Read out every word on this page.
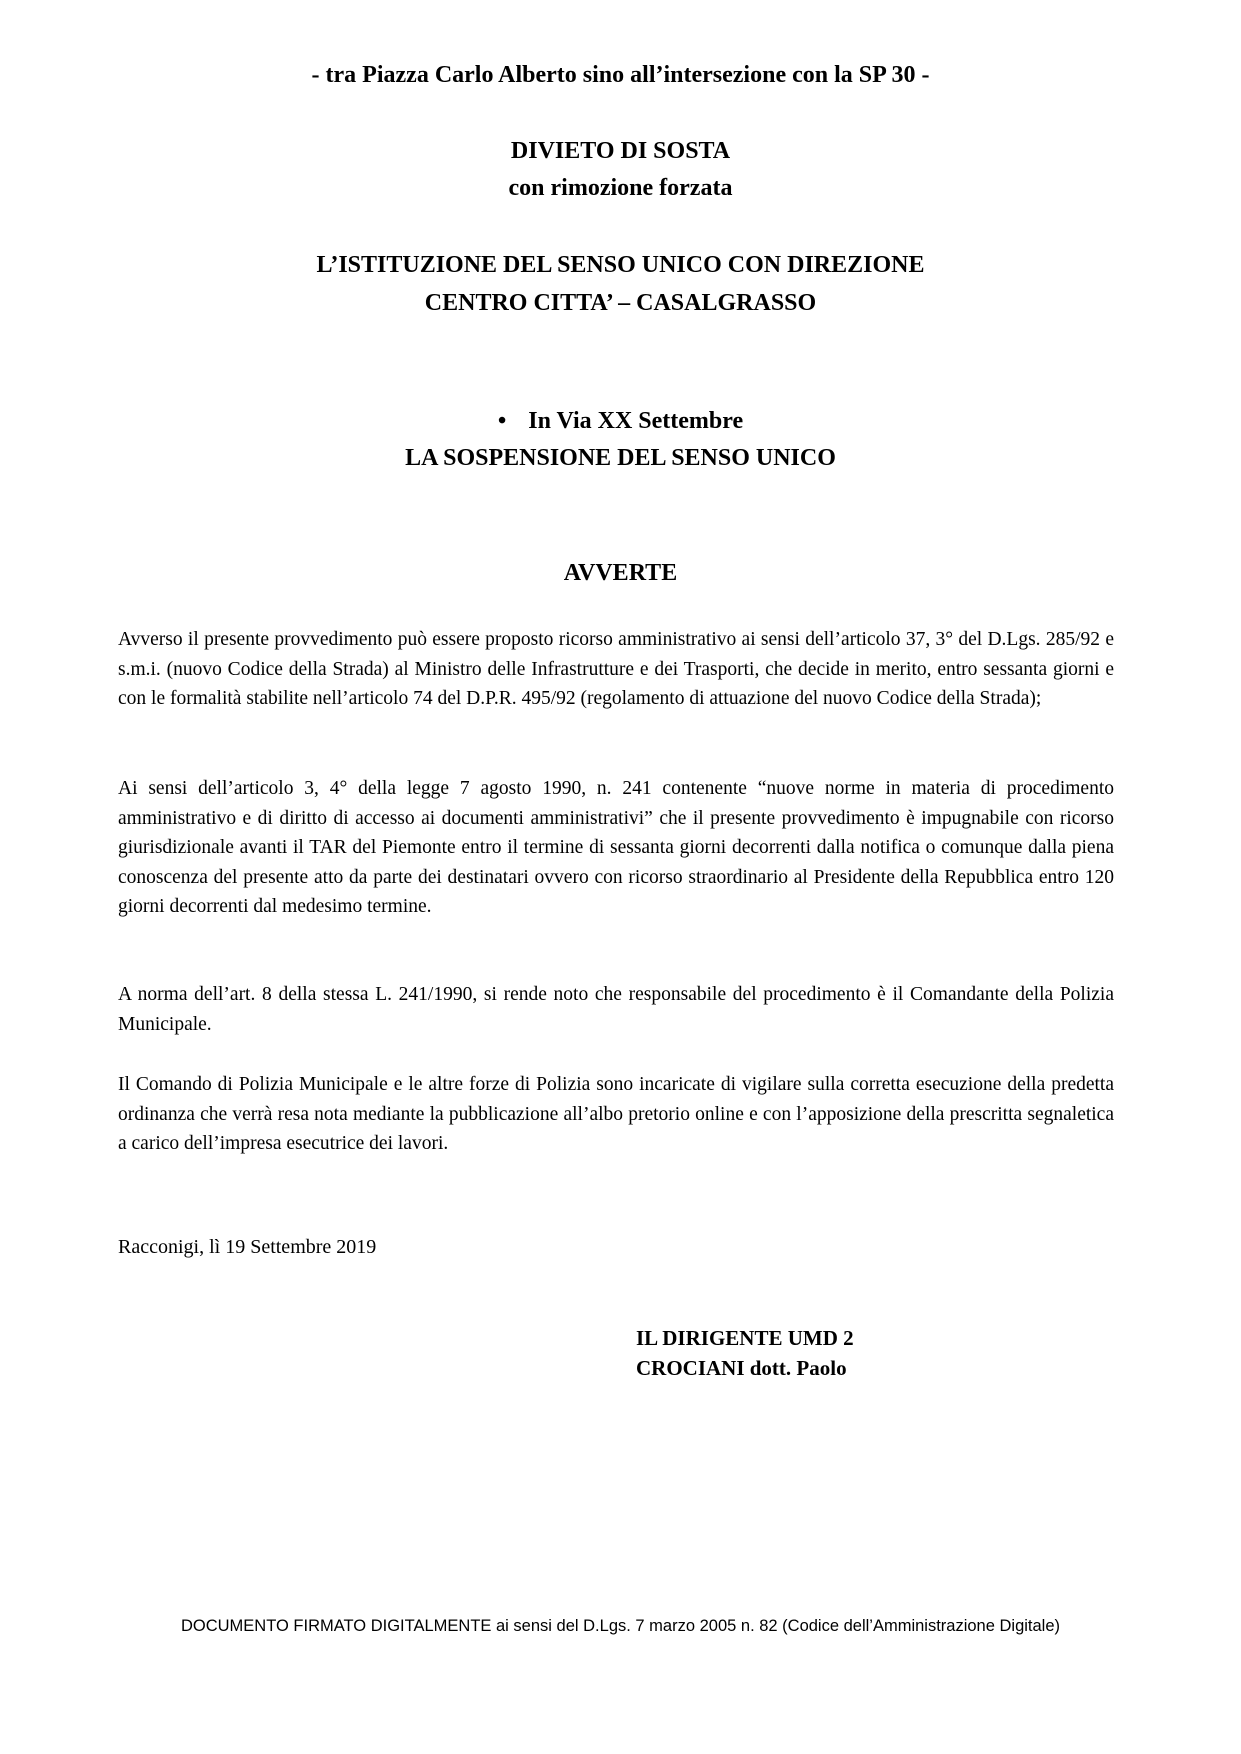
- tra Piazza Carlo Alberto sino all’intersezione con la SP 30 -
DIVIETO DI SOSTA
con rimozione forzata
L’ISTITUZIONE DEL SENSO UNICO CON DIREZIONE
CENTRO CITTA’ – CASALGRASSO
• In Via XX Settembre
LA SOSPENSIONE DEL SENSO UNICO
AVVERTE
Avverso il presente provvedimento può essere proposto ricorso amministrativo ai sensi dell’articolo 37, 3° del D.Lgs. 285/92 e s.m.i. (nuovo Codice della Strada) al Ministro delle Infrastrutture e dei Trasporti, che decide in merito, entro sessanta giorni e con le formalità stabilite nell’articolo 74 del D.P.R. 495/92 (regolamento di attuazione del nuovo Codice della Strada);
Ai sensi dell’articolo 3, 4° della legge 7 agosto 1990, n. 241 contenente “nuove norme in materia di procedimento amministrativo e di diritto di accesso ai documenti amministrativi” che il presente provvedimento è impugnabile con ricorso giurisdizionale avanti il TAR del Piemonte entro il termine di sessanta giorni decorrenti dalla notifica o comunque dalla piena conoscenza del presente atto da parte dei destinatari ovvero con ricorso straordinario al Presidente della Repubblica entro 120 giorni decorrenti dal medesimo termine.
A norma dell’art. 8 della stessa L. 241/1990, si rende noto che responsabile del procedimento è il Comandante della Polizia Municipale.
Il Comando di Polizia Municipale e le altre forze di Polizia sono incaricate di vigilare sulla corretta esecuzione della predetta ordinanza che verrà resa nota mediante la pubblicazione all’albo pretorio online e con l’apposizione della prescritta segnaletica a carico dell’impresa esecutrice dei lavori.
Racconigi, lì 19 Settembre 2019
IL DIRIGENTE UMD 2
CROCIANI dott. Paolo
DOCUMENTO FIRMATO DIGITALMENTE ai sensi del D.Lgs. 7 marzo 2005 n. 82 (Codice dell’Amministrazione Digitale)
